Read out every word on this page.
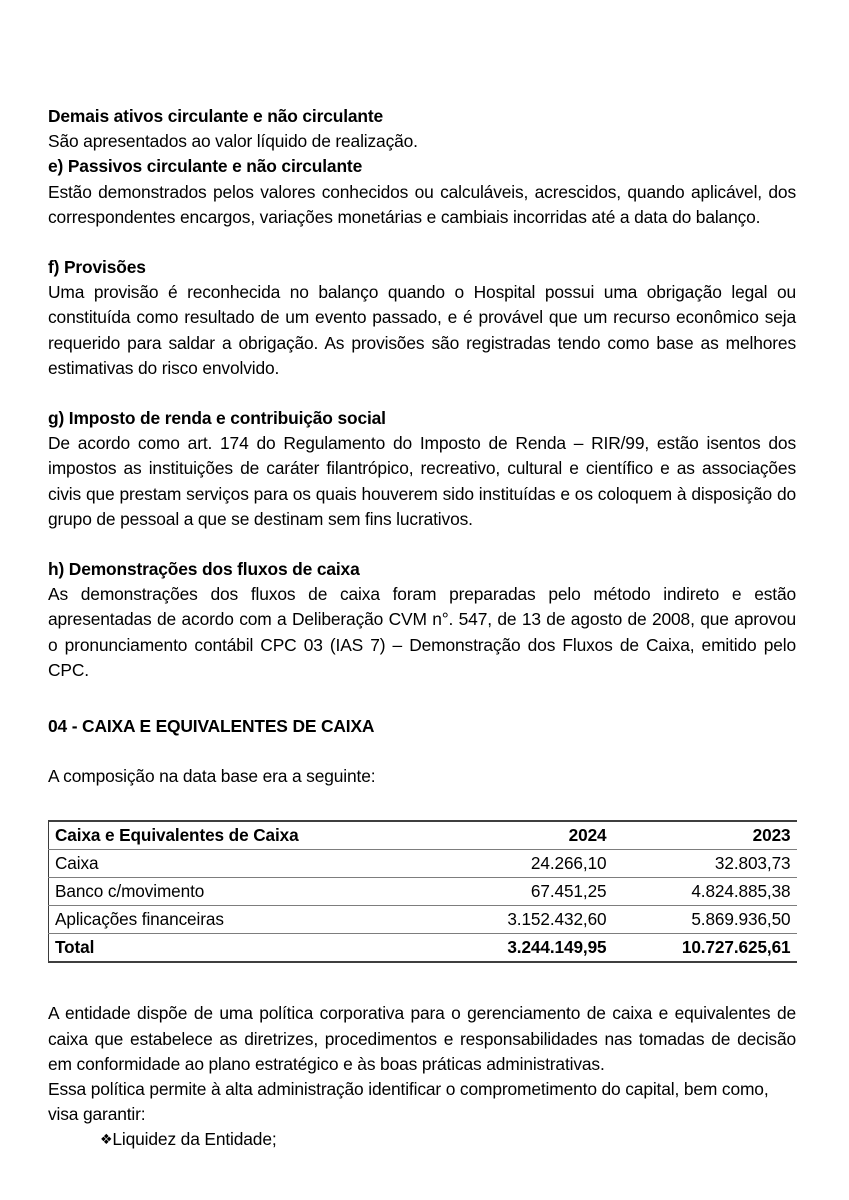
Demais ativos circulante e não circulante
São apresentados ao valor líquido de realização.
e) Passivos circulante e não circulante
Estão demonstrados pelos valores conhecidos ou calculáveis, acrescidos, quando aplicável, dos correspondentes encargos, variações monetárias e cambiais incorridas até a data do balanço.
f) Provisões
Uma provisão é reconhecida no balanço quando o Hospital possui uma obrigação legal ou constituída como resultado de um evento passado, e é provável que um recurso econômico seja requerido para saldar a obrigação. As provisões são registradas tendo como base as melhores estimativas do risco envolvido.
g) Imposto de renda e contribuição social
De acordo como art. 174 do Regulamento do Imposto de Renda – RIR/99, estão isentos dos impostos as instituições de caráter filantrópico, recreativo, cultural e científico e as associações civis que prestam serviços para os quais houverem sido instituídas e os coloquem à disposição do grupo de pessoal a que se destinam sem fins lucrativos.
h) Demonstrações dos fluxos de caixa
As demonstrações dos fluxos de caixa foram preparadas pelo método indireto e estão apresentadas de acordo com a Deliberação CVM n°. 547, de 13 de agosto de 2008, que aprovou o pronunciamento contábil CPC 03 (IAS 7) – Demonstração dos Fluxos de Caixa, emitido pelo CPC.
04 - CAIXA E EQUIVALENTES DE CAIXA
A composição na data base era a seguinte:
Caixa e Equivalentes de Caixa	2024	2023
Caixa	24.266,10	32.803,73
Banco c/movimento	67.451,25	4.824.885,38
Aplicações financeiras	3.152.432,60	5.869.936,50
Total	3.244.149,95	10.727.625,61
A entidade dispõe de uma política corporativa para o gerenciamento de caixa e equivalentes de caixa que estabelece as diretrizes, procedimentos e responsabilidades nas tomadas de decisão em conformidade ao plano estratégico e às boas práticas administrativas.
Essa política permite à alta administração identificar o comprometimento do capital, bem como, visa garantir:
❖Liquidez da Entidade;
